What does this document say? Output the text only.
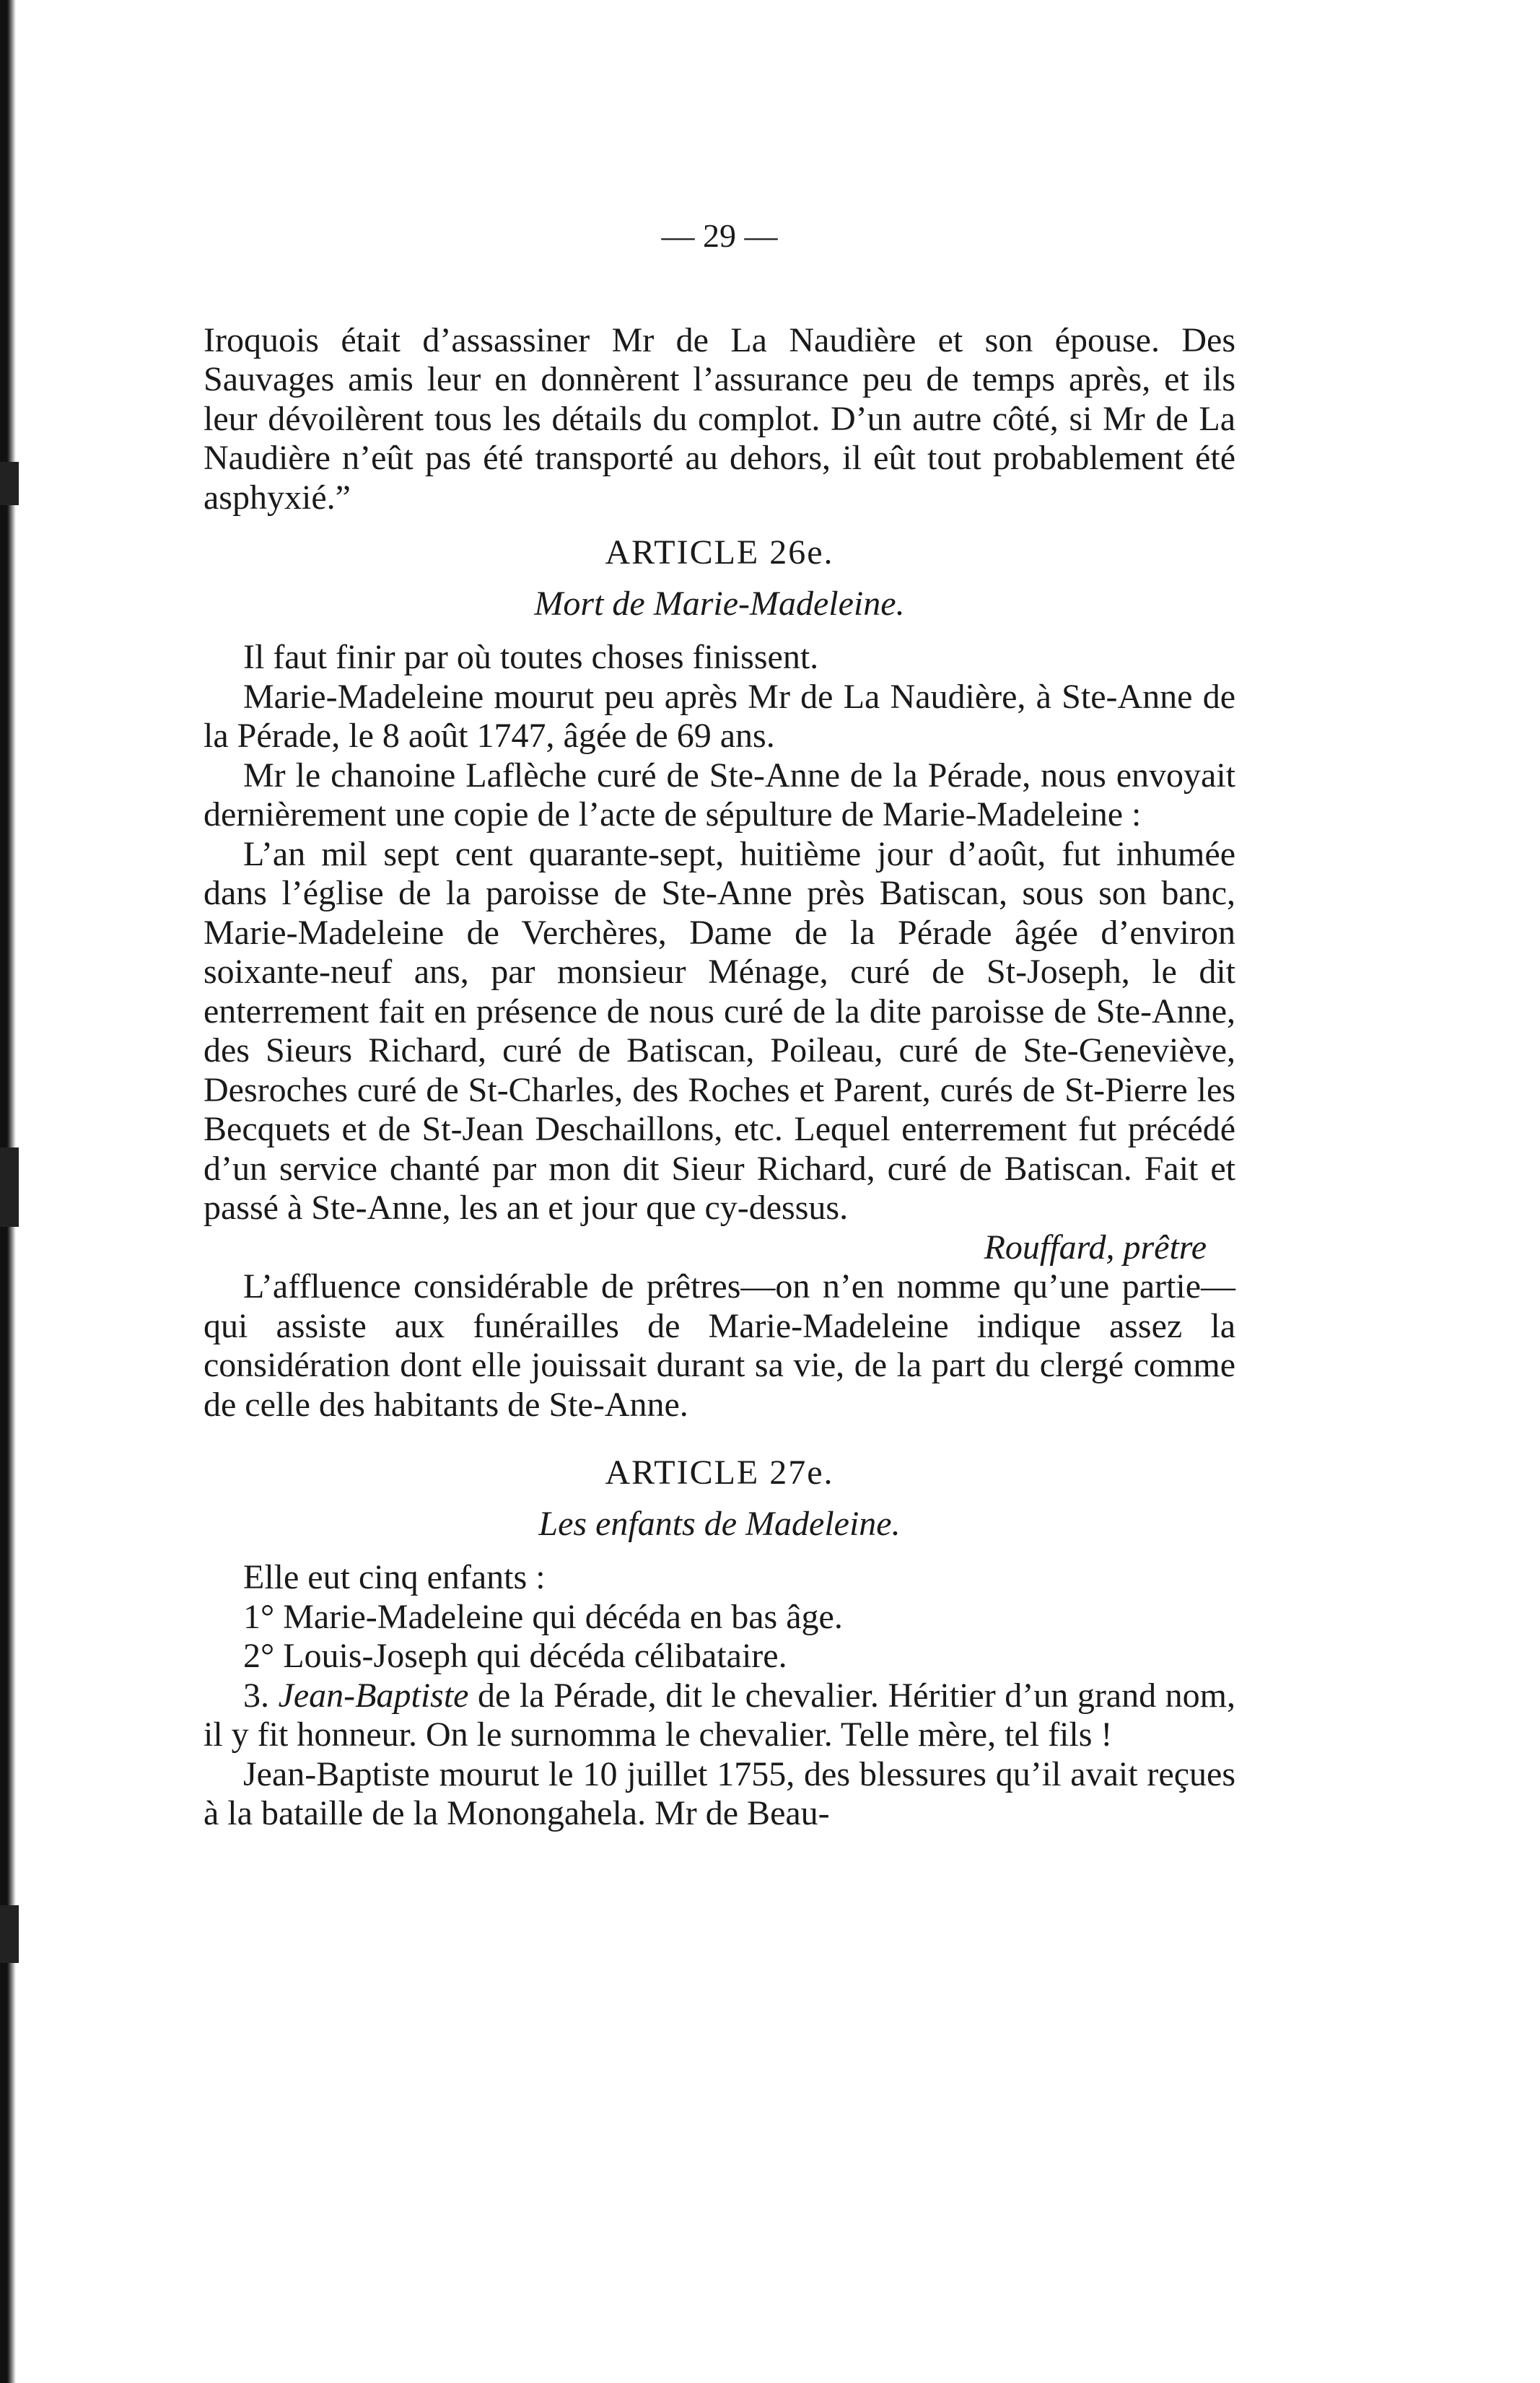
— 29 —

Iroquois était d’assassiner Mr de La Naudière et son épouse. Des Sauvages amis leur en donnèrent l’assurance peu de temps après, et ils leur dévoilèrent tous les détails du complot. D’un autre côté, si Mr de La Naudière n’eût pas été transporté au dehors, il eût tout probablement été asphyxié.”

ARTICLE 26e.
Mort de Marie-Madeleine.

Il faut finir par où toutes choses finissent.

Marie-Madeleine mourut peu après Mr de La Naudière, à Ste-Anne de la Pérade, le 8 août 1747, âgée de 69 ans.

Mr le chanoine Laflèche curé de Ste-Anne de la Pérade, nous envoyait dernièrement une copie de l’acte de sépulture de Marie-Madeleine :

L’an mil sept cent quarante-sept, huitième jour d’août, fut inhumée dans l’église de la paroisse de Ste-Anne près Batiscan, sous son banc, Marie-Madeleine de Verchères, Dame de la Pérade âgée d’environ soixante-neuf ans, par monsieur Ménage, curé de St-Joseph, le dit enterrement fait en présence de nous curé de la dite paroisse de Ste-Anne, des Sieurs Richard, curé de Batiscan, Poileau, curé de Ste-Geneviève, Desroches curé de St-Charles, des Roches et Parent, curés de St-Pierre les Becquets et de St-Jean Deschaillons, etc. Lequel enterrement fut précédé d’un service chanté par mon dit Sieur Richard, curé de Batiscan. Fait et passé à Ste-Anne, les an et jour que cy-dessus.

Rouffard, prêtre

L’affluence considérable de prêtres—on n’en nomme qu’une partie—qui assiste aux funérailles de Marie-Madeleine indique assez la considération dont elle jouissait durant sa vie, de la part du clergé comme de celle des habitants de Ste-Anne.

ARTICLE 27e.
Les enfants de Madeleine.

Elle eut cinq enfants :

1° Marie-Madeleine qui décéda en bas âge.
2° Louis-Joseph qui décéda célibataire.
3. Jean-Baptiste de la Pérade, dit le chevalier. Héritier d’un grand nom, il y fit honneur. On le surnomma le chevalier. Telle mère, tel fils !

Jean-Baptiste mourut le 10 juillet 1755, des blessures qu’il avait reçues à la bataille de la Monongahela. Mr de Beau-
